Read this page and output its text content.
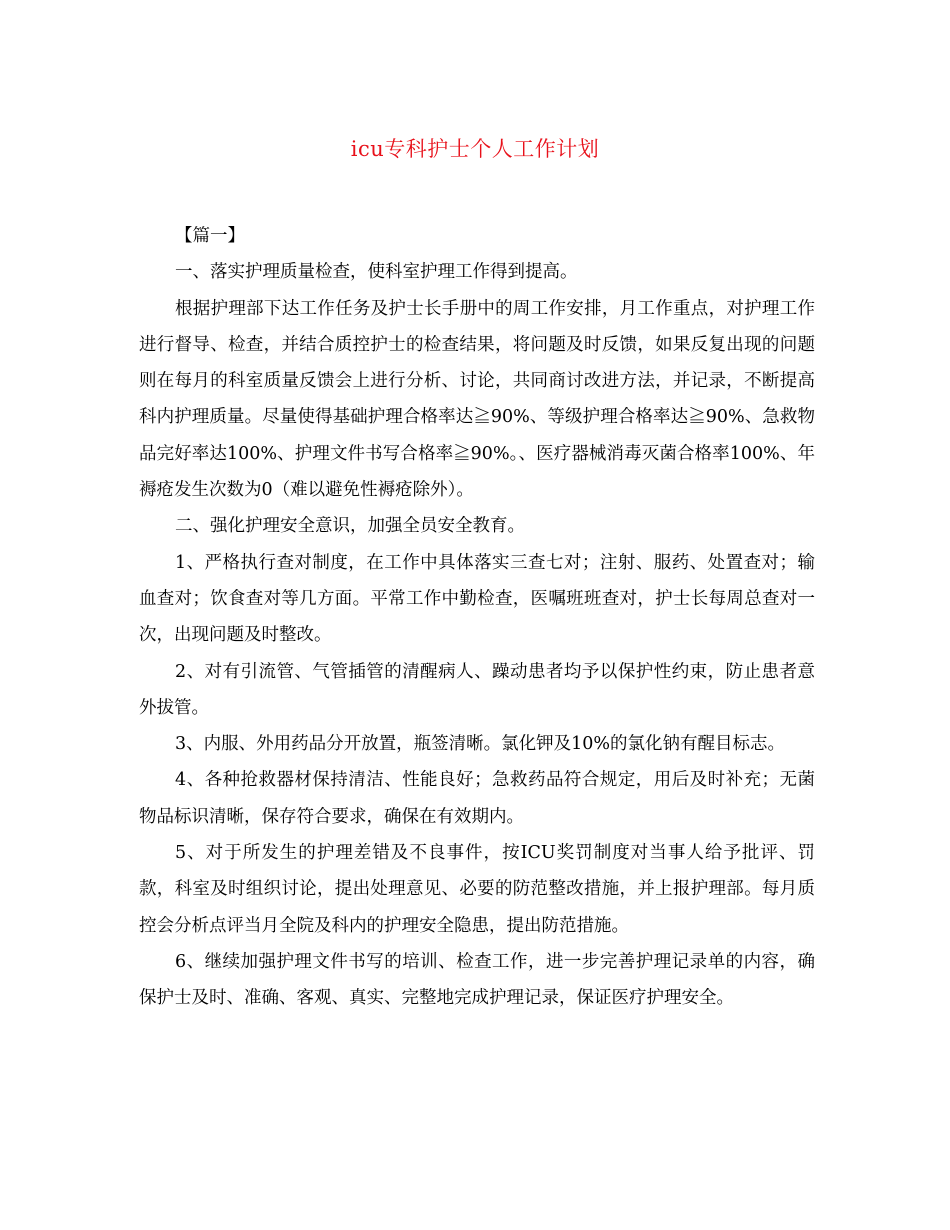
icu专科护士个人工作计划

【篇一】

一、落实护理质量检查，使科室护理工作得到提高。

根据护理部下达工作任务及护士长手册中的周工作安排，月工作重点，对护理工作进行督导、检查，并结合质控护士的检查结果，将问题及时反馈，如果反复出现的问题则在每月的科室质量反馈会上进行分析、讨论，共同商讨改进方法，并记录，不断提高科内护理质量。尽量使得基础护理合格率达≧90%、等级护理合格率达≧90%、急救物品完好率达100%、护理文件书写合格率≧90%。、医疗器械消毒灭菌合格率100%、年褥疮发生次数为0（难以避免性褥疮除外）。

二、强化护理安全意识，加强全员安全教育。

1、严格执行查对制度，在工作中具体落实三查七对；注射、服药、处置查对；输血查对；饮食查对等几方面。平常工作中勤检查，医嘱班班查对，护士长每周总查对一次，出现问题及时整改。

2、对有引流管、气管插管的清醒病人、躁动患者均予以保护性约束，防止患者意外拔管。

3、内服、外用药品分开放置，瓶签清晰。氯化钾及10%的氯化钠有醒目标志。

4、各种抢救器材保持清洁、性能良好；急救药品符合规定，用后及时补充；无菌物品标识清晰，保存符合要求，确保在有效期内。

5、对于所发生的护理差错及不良事件，按ICU奖罚制度对当事人给予批评、罚款，科室及时组织讨论，提出处理意见、必要的防范整改措施，并上报护理部。每月质控会分析点评当月全院及科内的护理安全隐患，提出防范措施。

6、继续加强护理文件书写的培训、检查工作，进一步完善护理记录单的内容，确保护士及时、准确、客观、真实、完整地完成护理记录，保证医疗护理安全。
